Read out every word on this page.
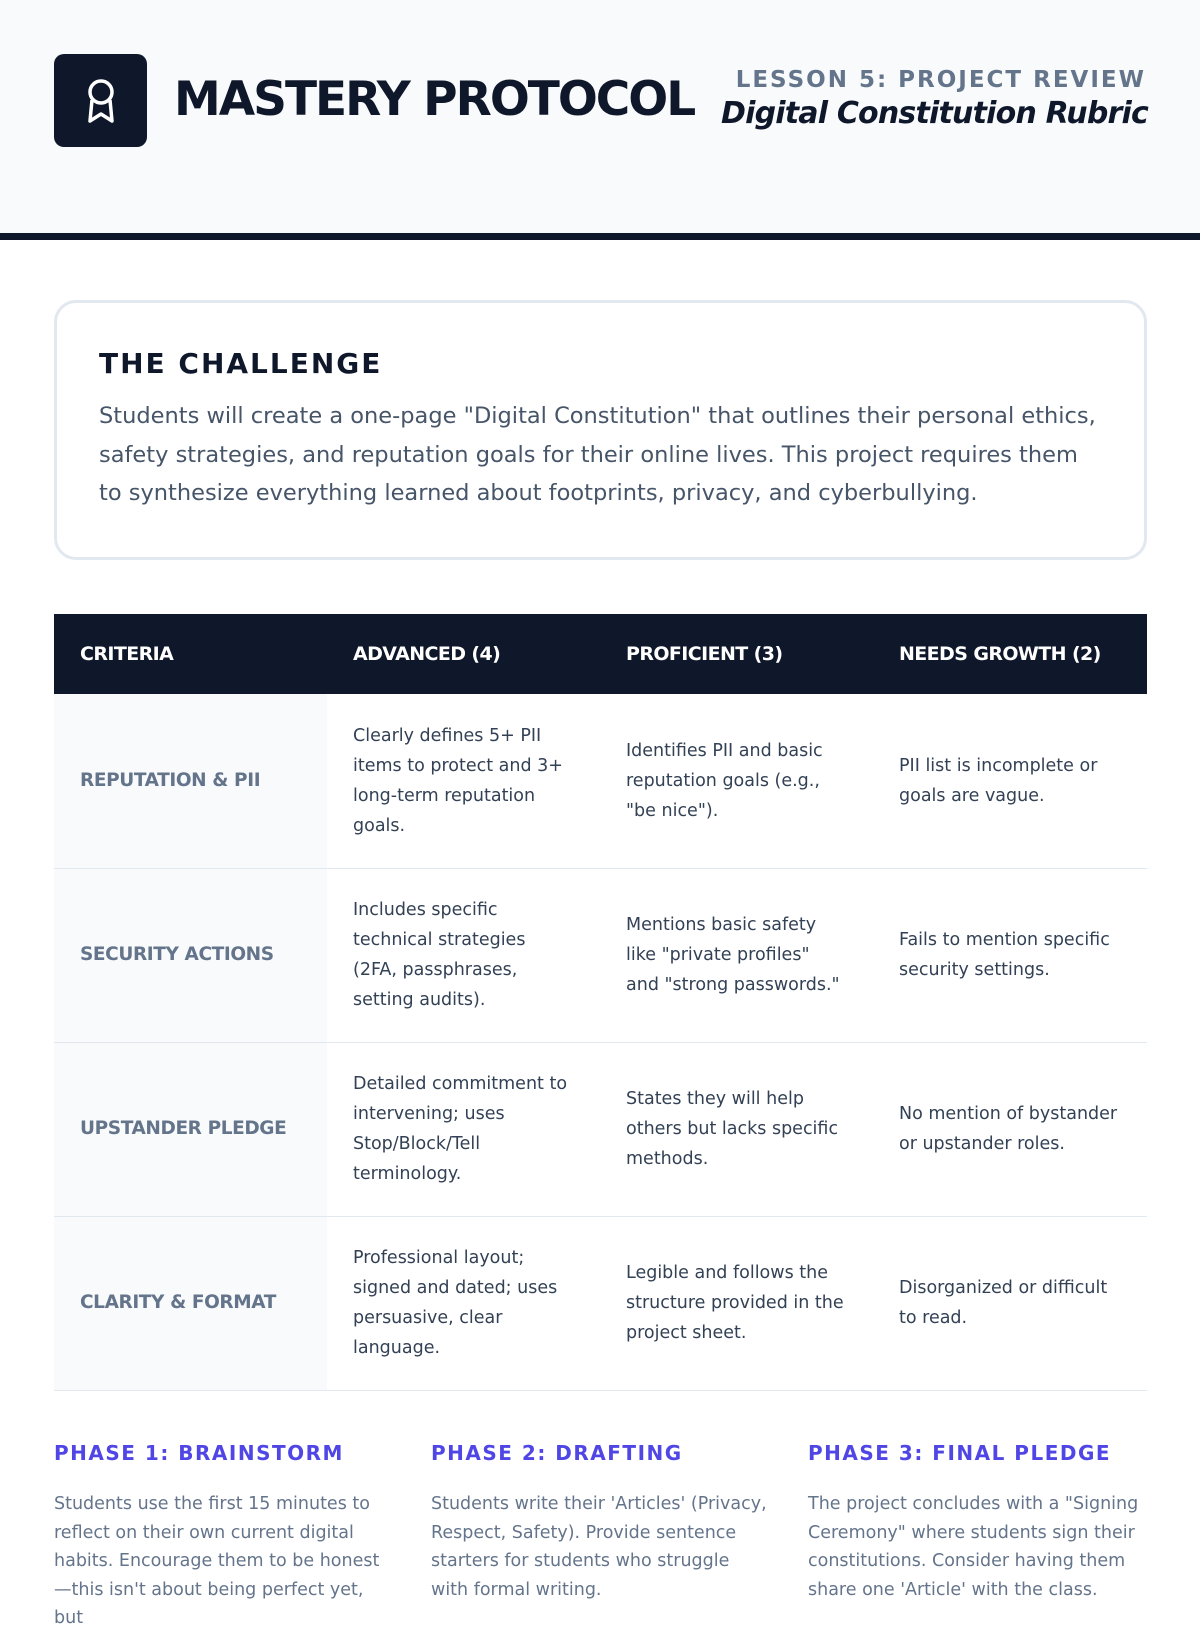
MASTERY PROTOCOL LESSON 5: PROJECT REVIEW
Digital Constitution Rubric
THE CHALLENGE

Students will create a one-page "Digital Constitution" that outlines their personal ethics, safety strategies, and reputation goals for their online lives. This project requires them to synthesize everything learned about footprints, privacy, and cyberbullying.

CRITERIA	ADVANCED (4)	PROFICIENT (3)	NEEDS GROWTH (2)
REPUTATION & PII	Clearly defines 5+ PII items to protect and 3+ long-term reputation goals.	Identifies PII and basic reputation goals (e.g., "be nice").	PII list is incomplete or goals are vague.
SECURITY ACTIONS	Includes specific technical strategies (2FA, passphrases, setting audits).	Mentions basic safety like "private profiles" and "strong passwords."	Fails to mention specific security settings.
UPSTANDER PLEDGE	Detailed commitment to intervening; uses Stop/Block/Tell terminology.	States they will help others but lacks specific methods.	No mention of bystander or upstander roles.
CLARITY & FORMAT	Professional layout; signed and dated; uses persuasive, clear language.	Legible and follows the structure provided in the project sheet.	Disorganized or difficult to read.
PHASE 1: BRAINSTORM

Students use the first 15 minutes to reflect on their own current digital habits. Encourage them to be honest—this isn't about being perfect yet, but

PHASE 2: DRAFTING

Students write their 'Articles' (Privacy, Respect, Safety). Provide sentence starters for students who struggle with formal writing.

PHASE 3: FINAL PLEDGE

The project concludes with a "Signing Ceremony" where students sign their constitutions. Consider having them share one 'Article' with the class.
